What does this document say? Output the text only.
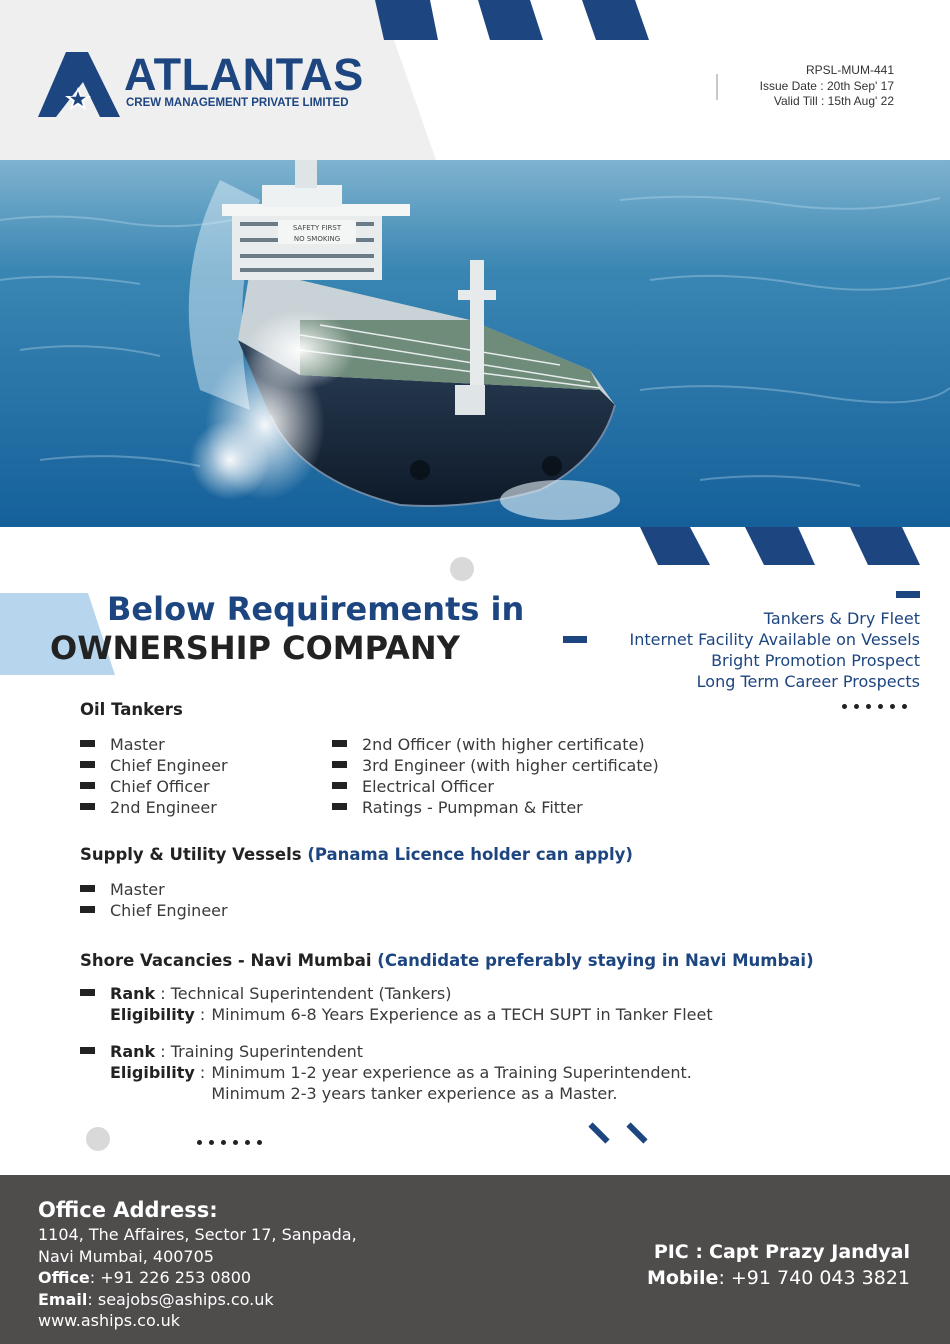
ATLANTAS
CREW MANAGEMENT PRIVATE LIMITED
RPSL-MUM-441
Issue Date : 20th Sep' 17
Valid Till : 15th Aug' 22
SAFETY FIRST
NO SMOKING
Below Requirements in
OWNERSHIP COMPANY
Tankers & Dry Fleet
Internet Facility Available on Vessels
Bright Promotion Prospect
Long Term Career Prospects
Oil Tankers
Master
Chief Engineer
Chief Officer
2nd Engineer
2nd Officer (with higher certificate)
3rd Engineer (with higher certificate)
Electrical Officer
Ratings - Pumpman & Fitter
Supply & Utility Vessels (Panama Licence holder can apply)
Master
Chief Engineer
Shore Vacancies - Navi Mumbai (Candidate preferably staying in Navi Mumbai)
Rank : Technical Superintendent (Tankers)
Eligibility : Minimum 6-8 Years Experience as a TECH SUPT in Tanker Fleet
Rank : Training Superintendent
Eligibility : Minimum 1-2 year experience as a Training Superintendent.
Minimum 2-3 years tanker experience as a Master.
Office Address:
1104, The Affaires, Sector 17, Sanpada,
Navi Mumbai, 400705
Office: +91 226 253 0800
Email: seajobs@aships.co.uk
www.aships.co.uk
PIC : Capt Prazy Jandyal
Mobile: +91 740 043 3821
